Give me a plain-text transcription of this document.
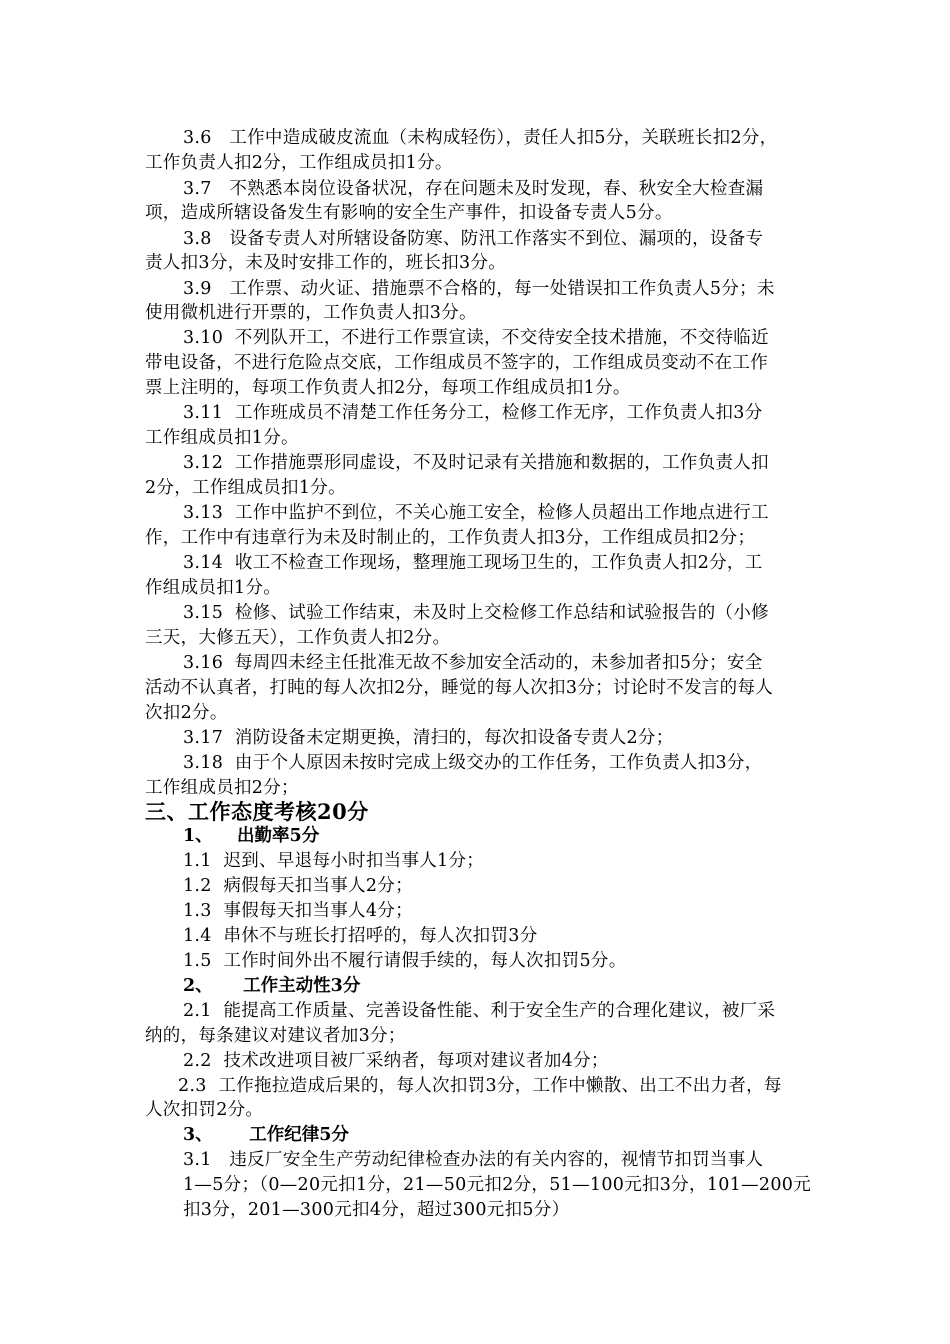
3.6   工作中造成破皮流血（未构成轻伤），责任人扣5分，关联班长扣2分，
工作负责人扣2分，工作组成员扣1分。
3.7   不熟悉本岗位设备状况，存在问题未及时发现，春、秋安全大检查漏
项，造成所辖设备发生有影响的安全生产事件，扣设备专责人5分。
3.8   设备专责人对所辖设备防寒、防汛工作落实不到位、漏项的，设备专
责人扣3分，未及时安排工作的，班长扣3分。
3.9   工作票、动火证、措施票不合格的，每一处错误扣工作负责人5分；未
使用微机进行开票的，工作负责人扣3分。
3.10  不列队开工，不进行工作票宣读，不交待安全技术措施，不交待临近
带电设备，不进行危险点交底，工作组成员不签字的，工作组成员变动不在工作
票上注明的，每项工作负责人扣2分，每项工作组成员扣1分。
3.11  工作班成员不清楚工作任务分工，检修工作无序，工作负责人扣3分
工作组成员扣1分。
3.12  工作措施票形同虚设，不及时记录有关措施和数据的，工作负责人扣
2分，工作组成员扣1分。
3.13  工作中监护不到位，不关心施工安全，检修人员超出工作地点进行工
作，工作中有违章行为未及时制止的，工作负责人扣3分，工作组成员扣2分；
3.14  收工不检查工作现场，整理施工现场卫生的，工作负责人扣2分，工
作组成员扣1分。
3.15  检修、试验工作结束，未及时上交检修工作总结和试验报告的（小修
三天，大修五天），工作负责人扣2分。
3.16  每周四未经主任批准无故不参加安全活动的，未参加者扣5分；安全
活动不认真者，打盹的每人次扣2分，睡觉的每人次扣3分；讨论时不发言的每人
次扣2分。
3.17  消防设备未定期更换，清扫的，每次扣设备专责人2分；
3.18  由于个人原因未按时完成上级交办的工作任务，工作负责人扣3分，
工作组成员扣2分；
三、工作态度考核20分
1、    出勤率5分
1.1  迟到、早退每小时扣当事人1分；
1.2  病假每天扣当事人2分；
1.3  事假每天扣当事人4分；
1.4  串休不与班长打招呼的，每人次扣罚3分
1.5  工作时间外出不履行请假手续的，每人次扣罚5分。
2、     工作主动性3分
2.1  能提高工作质量、完善设备性能、利于安全生产的合理化建议，被厂采
纳的，每条建议对建议者加3分；
2.2  技术改进项目被厂采纳者，每项对建议者加4分；
2.3  工作拖拉造成后果的，每人次扣罚3分，工作中懒散、出工不出力者，每
人次扣罚2分。
3、      工作纪律5分
3.1   违反厂安全生产劳动纪律检查办法的有关内容的，视情节扣罚当事人
1—5分；（0—20元扣1分，21—50元扣2分，51—100元扣3分，101—200元
扣3分，201—300元扣4分，超过300元扣5分）
